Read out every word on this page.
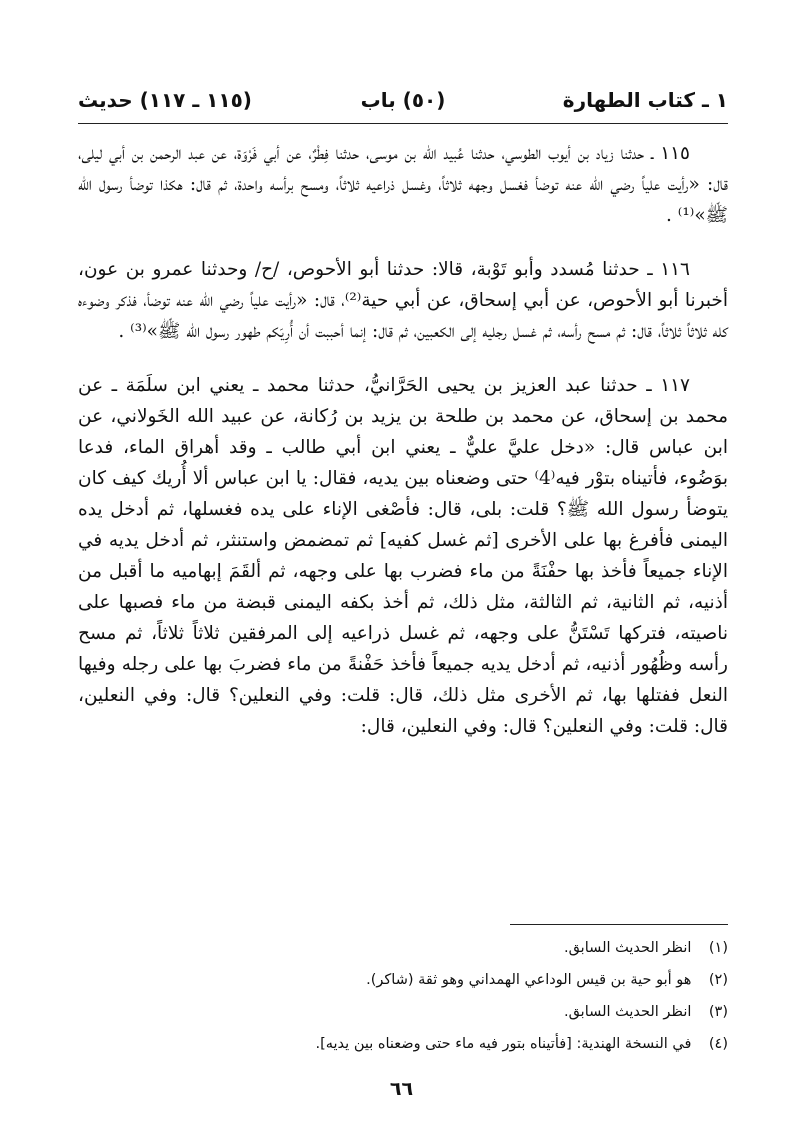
١ ـ كتاب الطهارة
(٥٠) باب
(١١٥ ـ ١١٧) حديث

١١٥ ـ حدثنا زياد بن أيوب الطوسي، حدثنا عُبيد الله بن موسى، حدثنا فِطْرٌ، عن أبي فَرْوَة، عن عبد الرحمن بن أبي ليلى، قال: «رأيت علياً رضي الله عنه توضأ فغسل وجهه ثلاثاً، وغسل ذراعيه ثلاثاً، ومسح برأسه واحدة، ثم قال: هكذا توضأ رسول الله ﷺ»⁽¹⁾ .

١١٦ ـ حدثنا مُسدد وأبو تَوْبة، قالا: حدثنا أبو الأحوص، /ح/ وحدثنا عمرو بن عون، أخبرنا أبو الأحوص، عن أبي إسحاق، عن أبي حية⁽²⁾، قال: «رأيت علياً رضي الله عنه توضأ، فذكر وضوءه كله ثلاثاً ثلاثاً، قال: ثم مسح رأسه، ثم غسل رجليه إلى الكعبين، ثم قال: إنما أحببت أن أُرِيَكم طهور رسول الله ﷺ»⁽³⁾ .

١١٧ ـ حدثنا عبد العزيز بن يحيى الحَرَّانيُّ، حدثنا محمد ـ يعني ابن سلَمَة ـ عن محمد بن إسحاق، عن محمد بن طلحة بن يزيد بن رُكانة، عن عبيد الله الخَولاني، عن ابن عباس قال: «دخل عليَّ عليٌّ ـ يعني ابن أبي طالب ـ وقد أهراق الماء، فدعا بوَضُوء، فأتيناه بتوْر فيه⁽4⁾ حتى وضعناه بين يديه، فقال: يا ابن عباس ألا أُريك كيف كان يتوضأ رسول الله ﷺ؟ قلت: بلى، قال: فأصْغى الإناء على يده فغسلها، ثم أدخل يده اليمنى فأفرغ بها على الأخرى [ثم غسل كفيه] ثم تمضمض واستنثر، ثم أدخل يديه في الإناء جميعاً فأخذ بها حفْنَةً من ماء فضرب بها على وجهه، ثم ألقَمَ إبهاميه ما أقبل من أذنيه، ثم الثانية، ثم الثالثة، مثل ذلك، ثم أخذ بكفه اليمنى قبضة من ماء فصبها على ناصيته، فتركها تَسْتَنُّ على وجهه، ثم غسل ذراعيه إلى المرفقين ثلاثاً ثلاثاً، ثم مسح رأسه وظُهُور أذنيه، ثم أدخل يديه جميعاً فأخذ حَفْنةً من ماء فضربَ بها على رجله وفيها النعل ففتلها بها، ثم الأخرى مثل ذلك، قال: قلت: وفي النعلين؟ قال: وفي النعلين، قال: قلت: وفي النعلين؟ قال: وفي النعلين، قال:

(١) انظر الحديث السابق.
(٢) هو أبو حية بن قيس الوداعي الهمداني وهو ثقة (شاكر).
(٣) انظر الحديث السابق.
(٤) في النسخة الهندية: [فأتيناه بتور فيه ماء حتى وضعناه بين يديه].
٦٦
